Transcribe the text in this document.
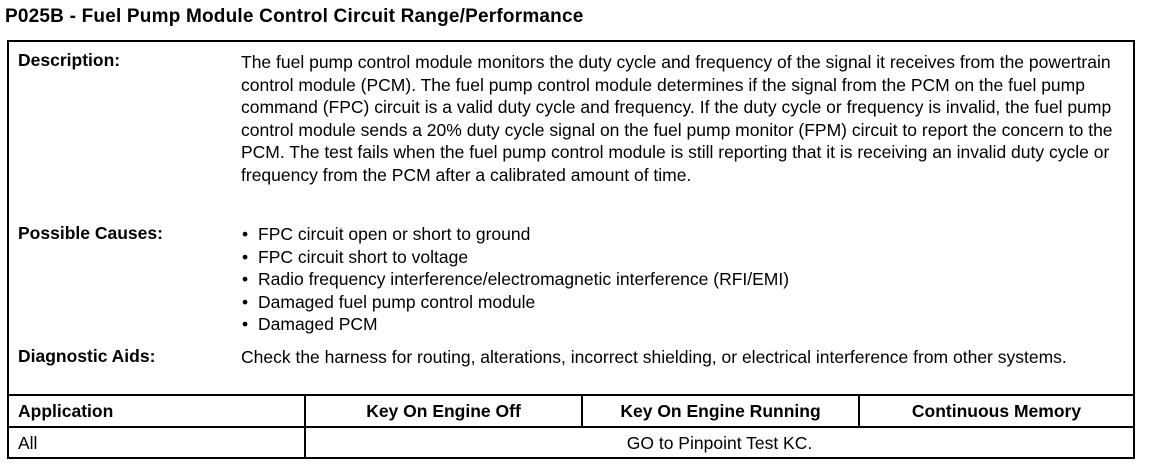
P025B - Fuel Pump Module Control Circuit Range/Performance
Description:	The fuel pump control module monitors the duty cycle and frequency of the signal it receives from the powertrain control module (PCM). The fuel pump control module determines if the signal from the PCM on the fuel pump command (FPC) circuit is a valid duty cycle and frequency. If the duty cycle or frequency is invalid, the fuel pump control module sends a 20% duty cycle signal on the fuel pump monitor (FPM) circuit to report the concern to the PCM. The test fails when the fuel pump control module is still reporting that it is receiving an invalid duty cycle or frequency from the PCM after a calibrated amount of time.

Possible Causes:	• FPC circuit open or short to ground
• FPC circuit short to voltage
• Radio frequency interference/electromagnetic interference (RFI/EMI)
• Damaged fuel pump control module
• Damaged PCM
Diagnostic Aids:	Check the harness for routing, alterations, incorrect shielding, or electrical interference from other systems.

Application	Key On Engine Off	Key On Engine Running	Continuous Memory
All	GO to Pinpoint Test KC.
